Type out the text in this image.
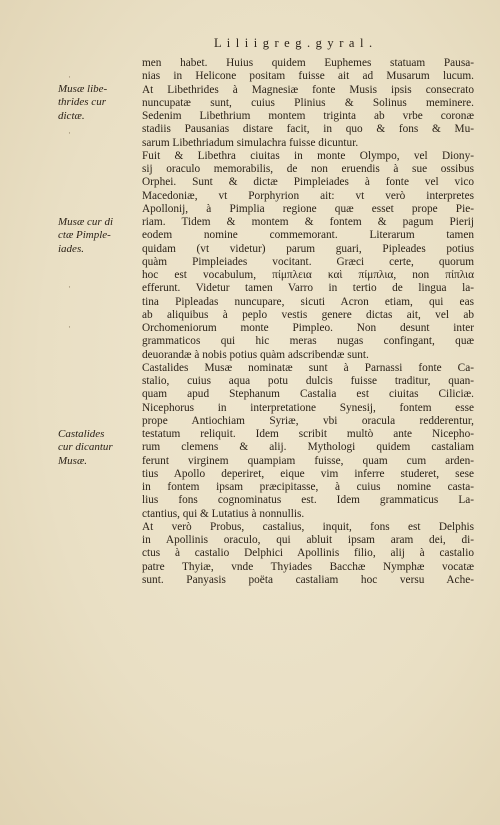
L i l i i g r e g . g y r a l .
Musæ libe-
thrides cur
dictæ.
Musæ cur di
ctæ Pimple-
iades.
Castalides
cur dicantur
Musæ.
·
·
·
·
men habet. Huius quidem Euphemes statuam Pausa-
nias in Helicone positam fuisse ait ad Musarum lucum.
At Libethrides à Magnesiæ fonte Musis ipsis consecrato
nuncupatæ sunt, cuius Plinius & Solinus meminere.
Sedenim Libethrium montem triginta ab vrbe coronæ
stadiis Pausanias distare facit, in quo & fons & Mu-
sarum Libethriadum simulachra fuisse dicuntur.
Fuit & Libethra ciuitas in monte Olympo, vel Diony-
sij oraculo memorabilis, de non eruendis à sue ossibus
Orphei. Sunt & dictæ Pimpleiades à fonte vel vico
Macedoniæ, vt Porphyrion ait: vt verò interpretes
Apollonij, à Pimplia regione quæ esset prope Pie-
riam. Tidem & montem & fontem & pagum Pierij
eodem nomine commemorant. Literarum tamen
quidam (vt videtur) parum guari, Pipleades potius
quàm Pimpleiades vocitant. Græci certe, quorum
hoc est vocabulum, πίμπλεια καὶ πίμπλια, non πίπλια
efferunt. Videtur tamen Varro in tertio de lingua la-
tina Pipleadas nuncupare, sicuti Acron etiam, qui eas
ab aliquibus à peplo vestis genere dictas ait, vel ab
Orchomeniorum monte Pimpleo. Non desunt inter
grammaticos qui hic meras nugas confingant, quæ
deuorandæ à nobis potius quàm adscribendæ sunt.
Castalides Musæ nominatæ sunt à Parnassi fonte Ca-
stalio, cuius aqua potu dulcis fuisse traditur, quan-
quam apud Stephanum Castalia est ciuitas Ciliciæ.
Nicephorus in interpretatione Synesij, fontem esse
prope Antiochiam Syriæ, vbi oracula redderentur,
testatum reliquit. Idem scribit multò ante Nicepho-
rum clemens & alij. Mythologi quidem castaliam
ferunt virginem quampiam fuisse, quam cum arden-
tius Apollo deperiret, eique vim inferre studeret, sese
in fontem ipsam præcipitasse, à cuius nomine casta-
lius fons cognominatus est. Idem grammaticus La-
ctantius, qui & Lutatius à nonnullis.
At verò Probus, castalius, inquit, fons est Delphis
in Apollinis oraculo, qui abluit ipsam aram dei, di-
ctus à castalio Delphici Apollinis filio, alij à castalio
patre Thyiæ, vnde Thyiades Bacchæ Nymphæ vocatæ
sunt. Panyasis poëta castaliam hoc versu Ache-
